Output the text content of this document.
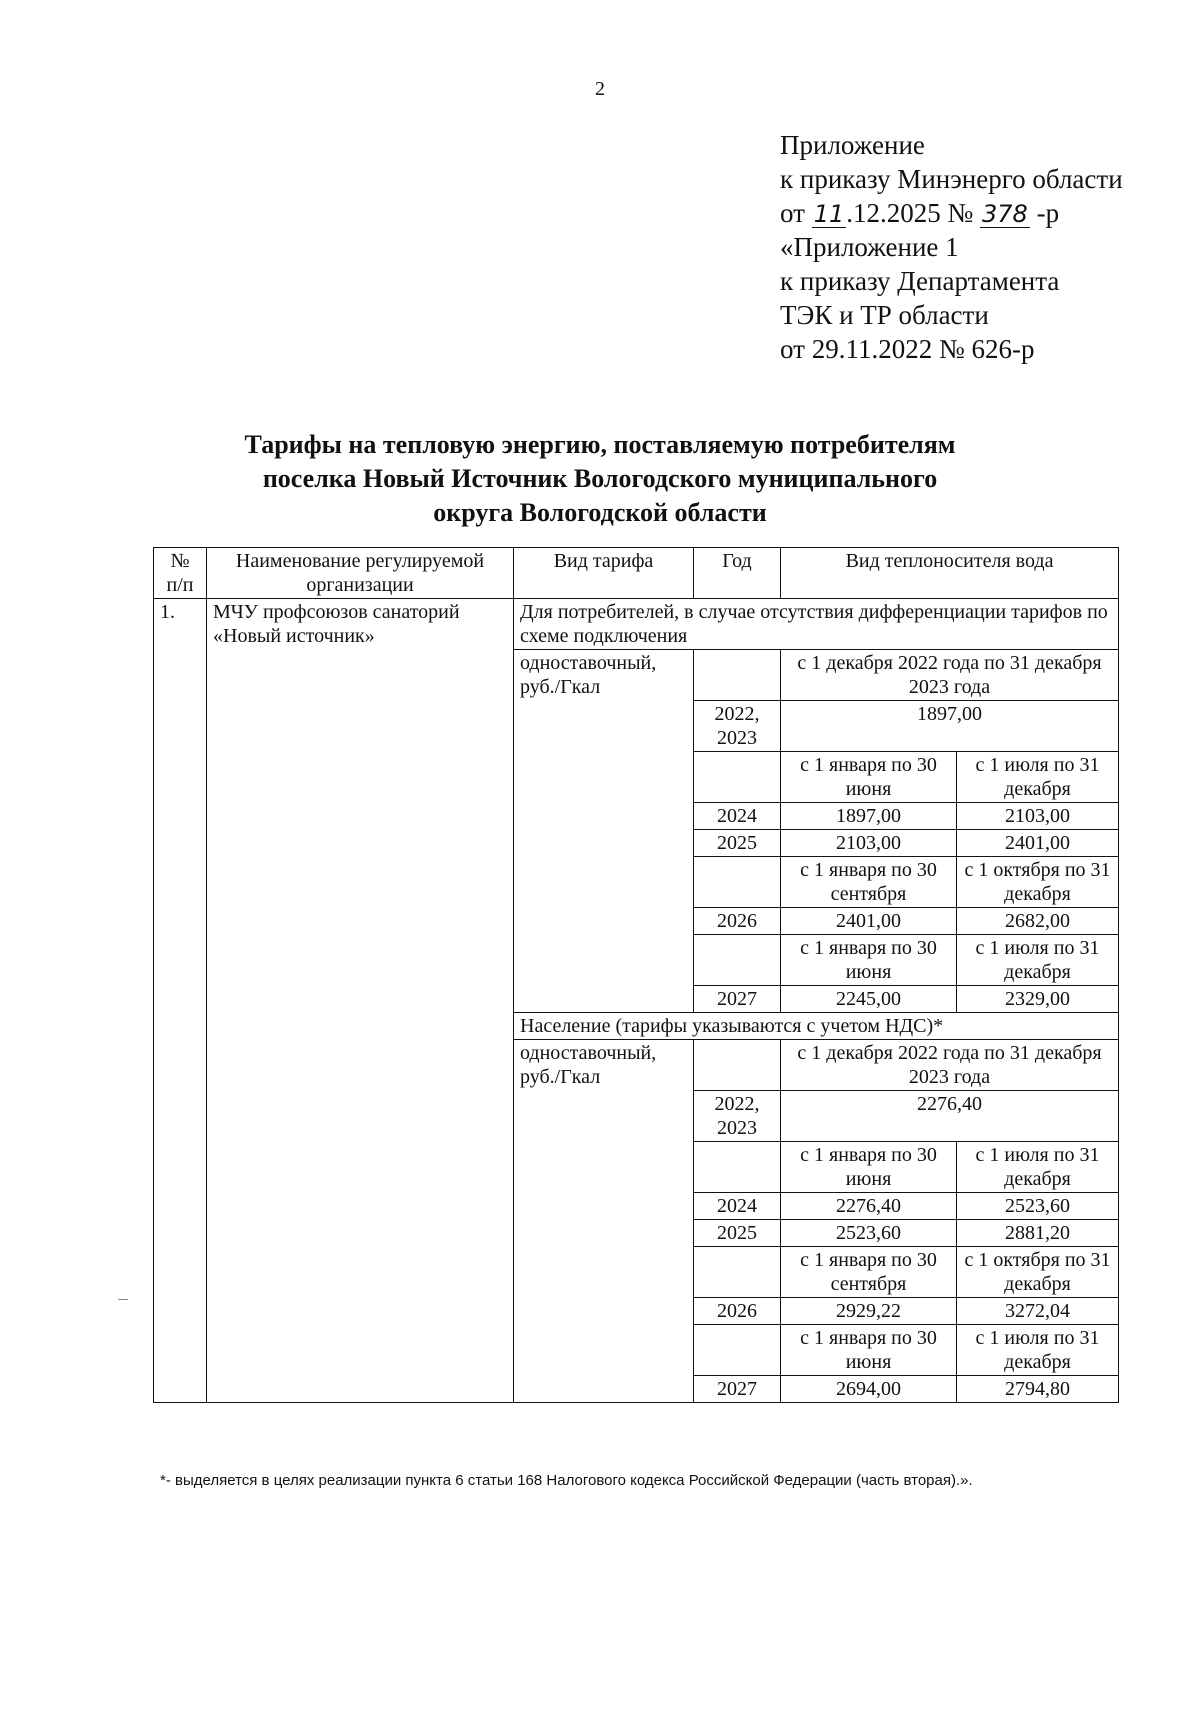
2
Приложение
к приказу Минэнерго области
от 11.12.2025 № 378 -р
«Приложение 1
к приказу Департамента
ТЭК и ТР области
от 29.11.2022 № 626-р
Тарифы на тепловую энергию, поставляемую потребителям
поселка Новый Источник Вологодского муниципального
округа Вологодской области
№ п/п	Наименование регулируемой организации	Вид тарифа	Год	Вид теплоносителя вода	
1.	МЧУ профсоюзов санаторий «Новый источник»	Для потребителей, в случае отсутствия дифференциации тарифов по схеме подключения			
		одноставочный, руб./Гкал		с 1 декабря 2022 года по 31 декабря 2023 года	
			2022, 2023	1897,00	
				с 1 января по 30 июня	с 1 июля по 31 декабря
			2024	1897,00	2103,00
			2025	2103,00	2401,00
				с 1 января по 30 сентября	с 1 октября по 31 декабря
			2026	2401,00	2682,00
				с 1 января по 30 июня	с 1 июля по 31 декабря
			2027	2245,00	2329,00
		Население (тарифы указываются с учетом НДС)*			
		одноставочный, руб./Гкал		с 1 декабря 2022 года по 31 декабря 2023 года	
			2022, 2023	2276,40	
				с 1 января по 30 июня	с 1 июля по 31 декабря
			2024	2276,40	2523,60
			2025	2523,60	2881,20
				с 1 января по 30 сентября	с 1 октября по 31 декабря
			2026	2929,22	3272,04
				с 1 января по 30 июня	с 1 июля по 31 декабря
			2027	2694,00	2794,80
*- выделяется в целях реализации пункта 6 статьи 168 Налогового кодекса Российской Федерации (часть вторая).».
